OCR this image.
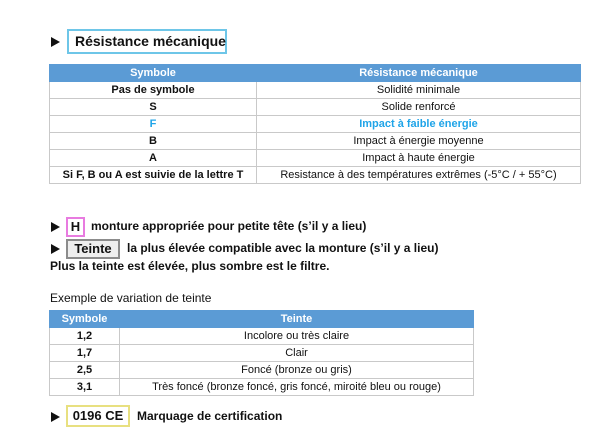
Résistance mécanique
Symbole	Résistance mécanique
Pas de symbole	Solidité minimale
S	Solide renforcé
F	Impact à faible énergie
B	Impact à énergie moyenne
A	Impact à haute énergie
Si F, B ou A est suivie de la lettre T	Resistance à des températures extrêmes (-5°C / + 55°C)
H monture appropriée pour petite tête (s’il y a lieu)
Teinte	la plus élevée compatible avec la monture (s’il y a lieu)
Plus la teinte est élevée, plus sombre est le filtre.
Exemple de variation de teinte
Symbole	Teinte
1,2	Incolore ou très claire
1,7	Clair
2,5	Foncé (bronze ou gris)
3,1	Très foncé (bronze foncé, gris foncé, miroité bleu ou rouge)
0196 CE	Marquage de certification
